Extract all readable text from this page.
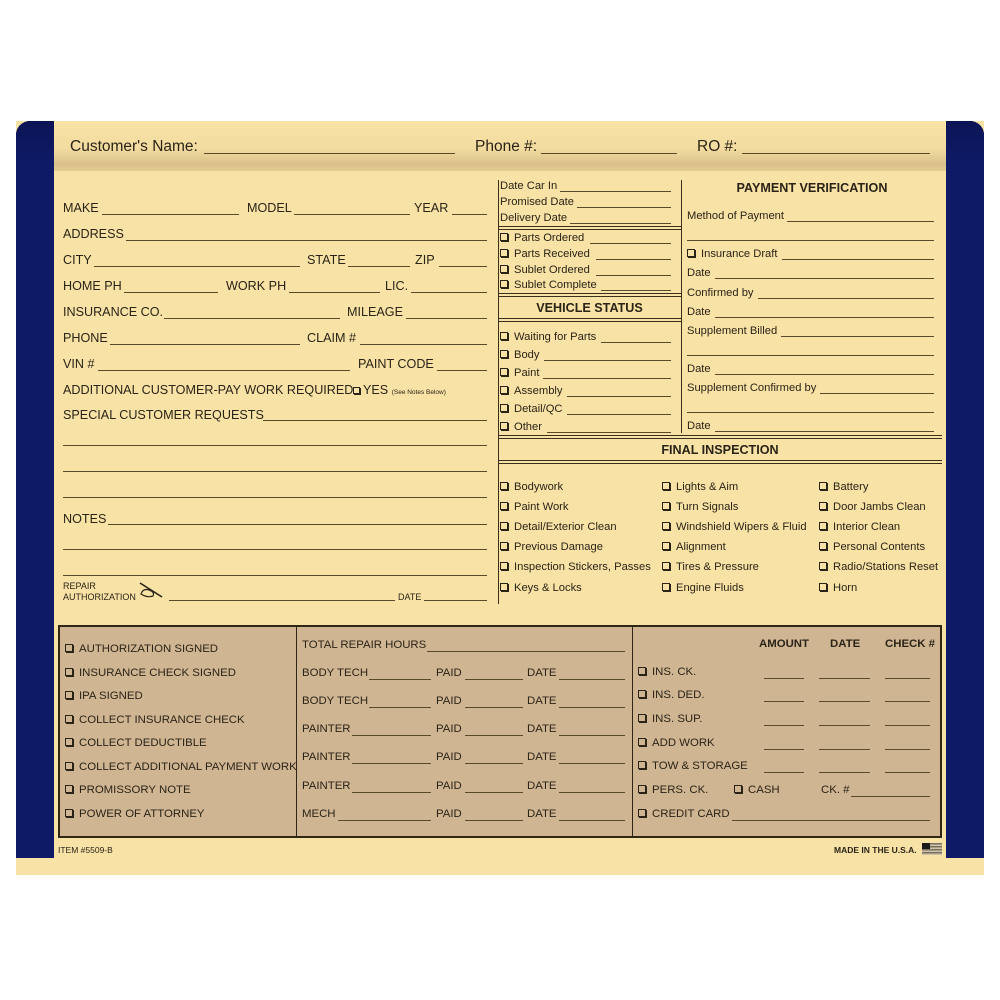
Customer's Name:	Phone #:	RO #:
MAKE	MODEL	YEAR
ADDRESS
CITY	STATE	ZIP
HOME PH	WORK PH	LIC.
INSURANCE CO.	MILEAGE
PHONE	CLAIM #
VIN #	PAINT CODE
ADDITIONAL CUSTOMER-PAY WORK REQUIRED YES (See Notes Below)
SPECIAL CUSTOMER REQUESTS
NOTES
REPAIR
AUTHORIZATION	DATE
Date Car In
Promised Date
Delivery Date
Parts Ordered
Parts Received
Sublet Ordered
Sublet Complete
VEHICLE STATUS
Waiting for Parts
Body
Paint
Assembly
Detail/QC
Other
PAYMENT VERIFICATION
Method of Payment
Insurance Draft
Date
Confirmed by
Date
Supplement Billed
Date
Supplement Confirmed by
Date
FINAL INSPECTION
Bodywork
Paint Work
Detail/Exterior Clean
Previous Damage
Inspection Stickers, Passes
Keys & Locks
Lights & Aim
Turn Signals
Windshield Wipers & Fluid
Alignment
Tires & Pressure
Engine Fluids
Battery
Door Jambs Clean
Interior Clean
Personal Contents
Radio/Stations Reset
Horn
AUTHORIZATION SIGNED
INSURANCE CHECK SIGNED
IPA SIGNED
COLLECT INSURANCE CHECK
COLLECT DEDUCTIBLE
COLLECT ADDITIONAL PAYMENT WORK
PROMISSORY NOTE
POWER OF ATTORNEY
TOTAL REPAIR HOURS
BODY TECH	PAID	DATE
BODY TECH	PAID	DATE
PAINTER	PAID	DATE
PAINTER	PAID	DATE
PAINTER	PAID	DATE
MECH	PAID	DATE
AMOUNT DATE CHECK #
INS. CK.
INS. DED.
INS. SUP.
ADD WORK
TOW & STORAGE
PERS. CK.	CASH	CK. #
CREDIT CARD
ITEM #5509-B	MADE IN THE U.S.A.
